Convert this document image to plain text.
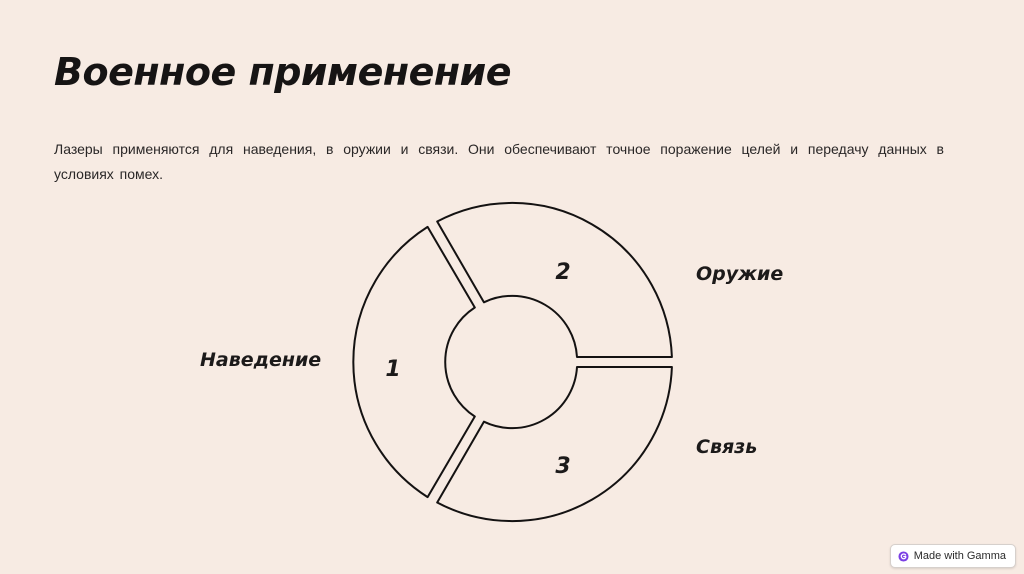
Военное применение

Лазеры применяются для наведения, в оружии и связи. Они обеспечивают точное поражение целей и передачу данных в условиях помех.

1
2
3
Наведение
Оружие
Связь
Made with Gamma
